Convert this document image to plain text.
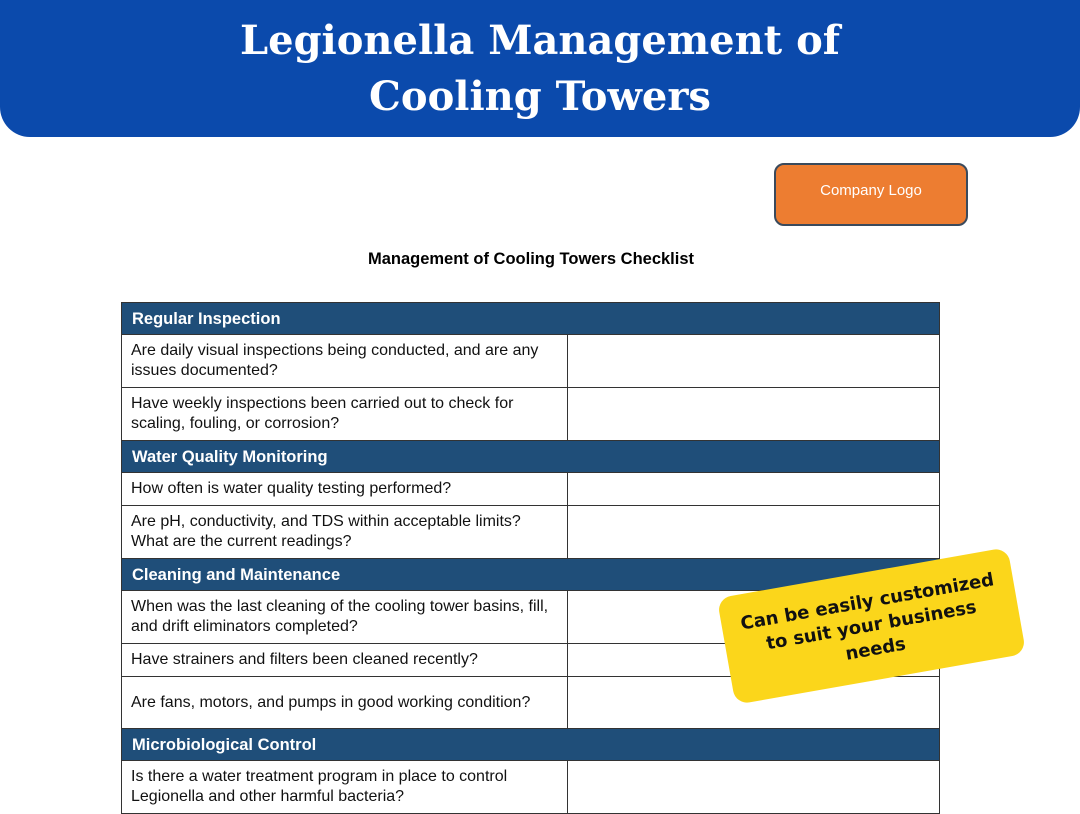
Legionella Management of
Cooling Towers
Company Logo
Management of Cooling Towers Checklist
Regular Inspection	
Are daily visual inspections being conducted, and are any issues documented?	
Have weekly inspections been carried out to check for scaling, fouling, or corrosion?	
Water Quality Monitoring	
How often is water quality testing performed?	
Are pH, conductivity, and TDS within acceptable limits? What are the current readings?	
Cleaning and Maintenance	
When was the last cleaning of the cooling tower basins, fill, and drift eliminators completed?	
Have strainers and filters been cleaned recently?	
Are fans, motors, and pumps in good working condition?	
Microbiological Control	
Is there a water treatment program in place to control Legionella and other harmful bacteria?	
Can be easily customized to suit your business needs
